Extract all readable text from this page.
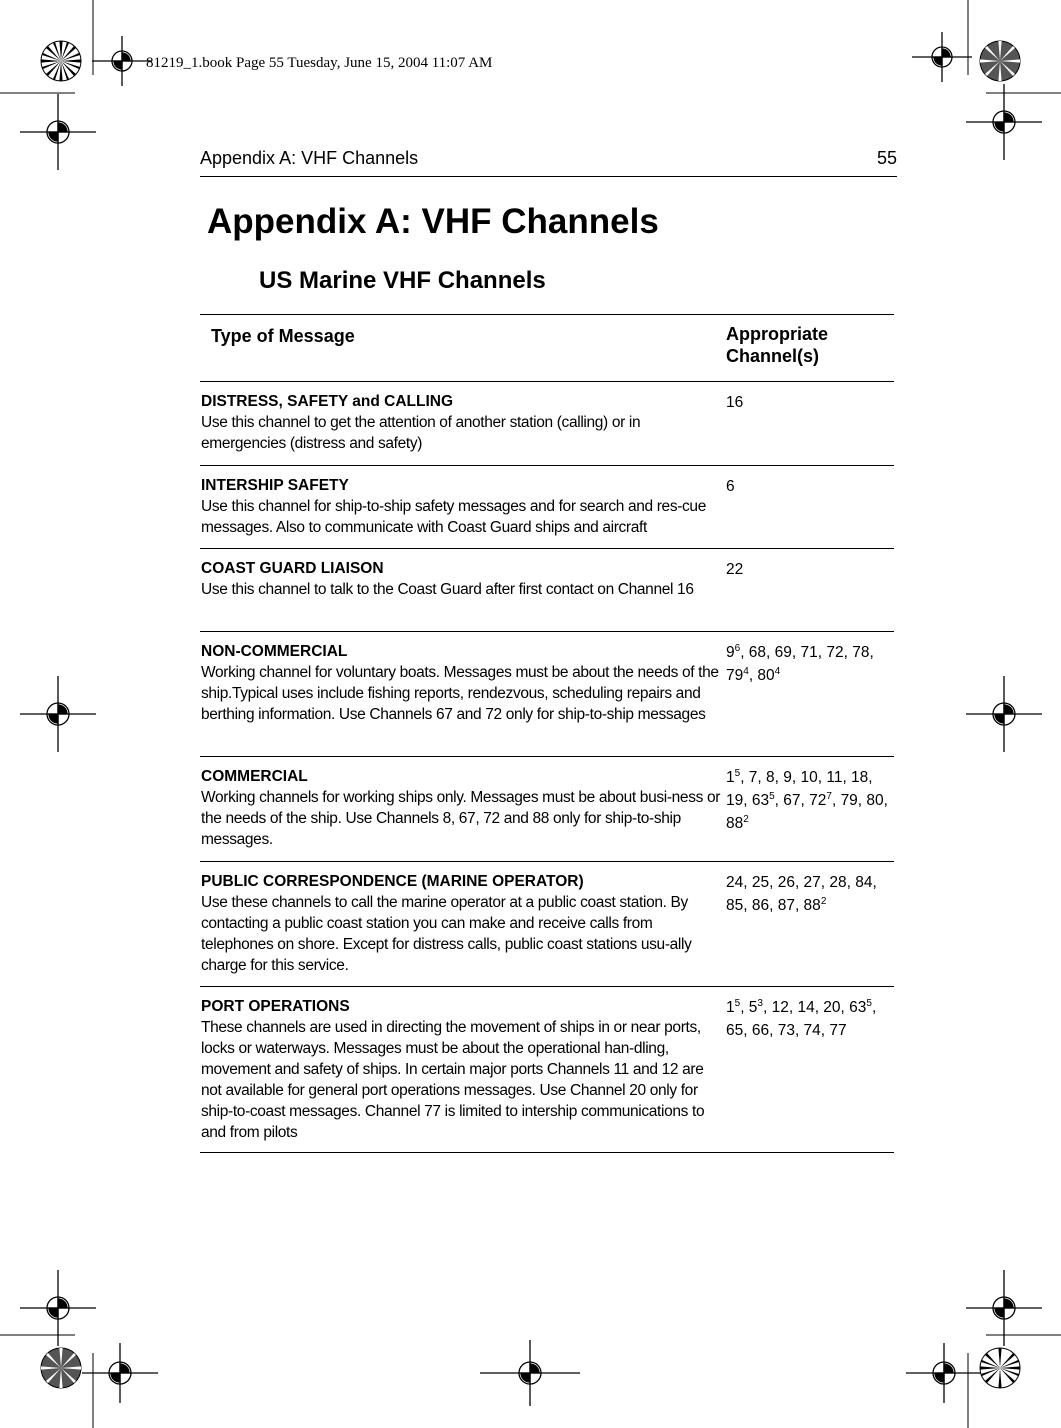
81219_1.book Page 55 Tuesday, June 15, 2004 11:07 AM
Appendix A: VHF Channels	55
Appendix A: VHF Channels
US Marine VHF Channels
Type of Message	Appropriate
Channel(s)
DISTRESS, SAFETY and CALLING
Use this channel to get the attention of another station (calling) or in emergencies (distress and safety)
16
INTERSHIP SAFETY
Use this channel for ship-to-ship safety messages and for search and res-cue messages. Also to communicate with Coast Guard ships and aircraft
6
COAST GUARD LIAISON
Use this channel to talk to the Coast Guard after first contact on Channel 16
22
NON-COMMERCIAL
Working channel for voluntary boats. Messages must be about the needs of the ship.Typical uses include fishing reports, rendezvous, scheduling repairs and berthing information. Use Channels 67 and 72 only for ship-to-ship messages
$9^6$, 68, 69, 71, 72, 78, $79^4$, $80^4$
COMMERCIAL
Working channels for working ships only. Messages must be about busi-ness or the needs of the ship. Use Channels 8, 67, 72 and 88 only for ship-to-ship messages.
$1^5$, 7, 8, 9, 10, 11, 18, 19, $63^5$, 67, $72^7$, 79, 80, $88^2$
PUBLIC CORRESPONDENCE (MARINE OPERATOR)
Use these channels to call the marine operator at a public coast station. By contacting a public coast station you can make and receive calls from telephones on shore. Except for distress calls, public coast stations usu-ally charge for this service.
24, 25, 26, 27, 28, 84, 85, 86, 87, $88^2$
PORT OPERATIONS
These channels are used in directing the movement of ships in or near ports, locks or waterways. Messages must be about the operational han-dling, movement and safety of ships. In certain major ports Channels 11 and 12 are not available for general port operations messages. Use Channel 20 only for ship-to-coast messages. Channel 77 is limited to intership communications to and from pilots
$1^5$, $5^3$, 12, 14, 20, $63^5$, 65, 66, 73, 74, 77
